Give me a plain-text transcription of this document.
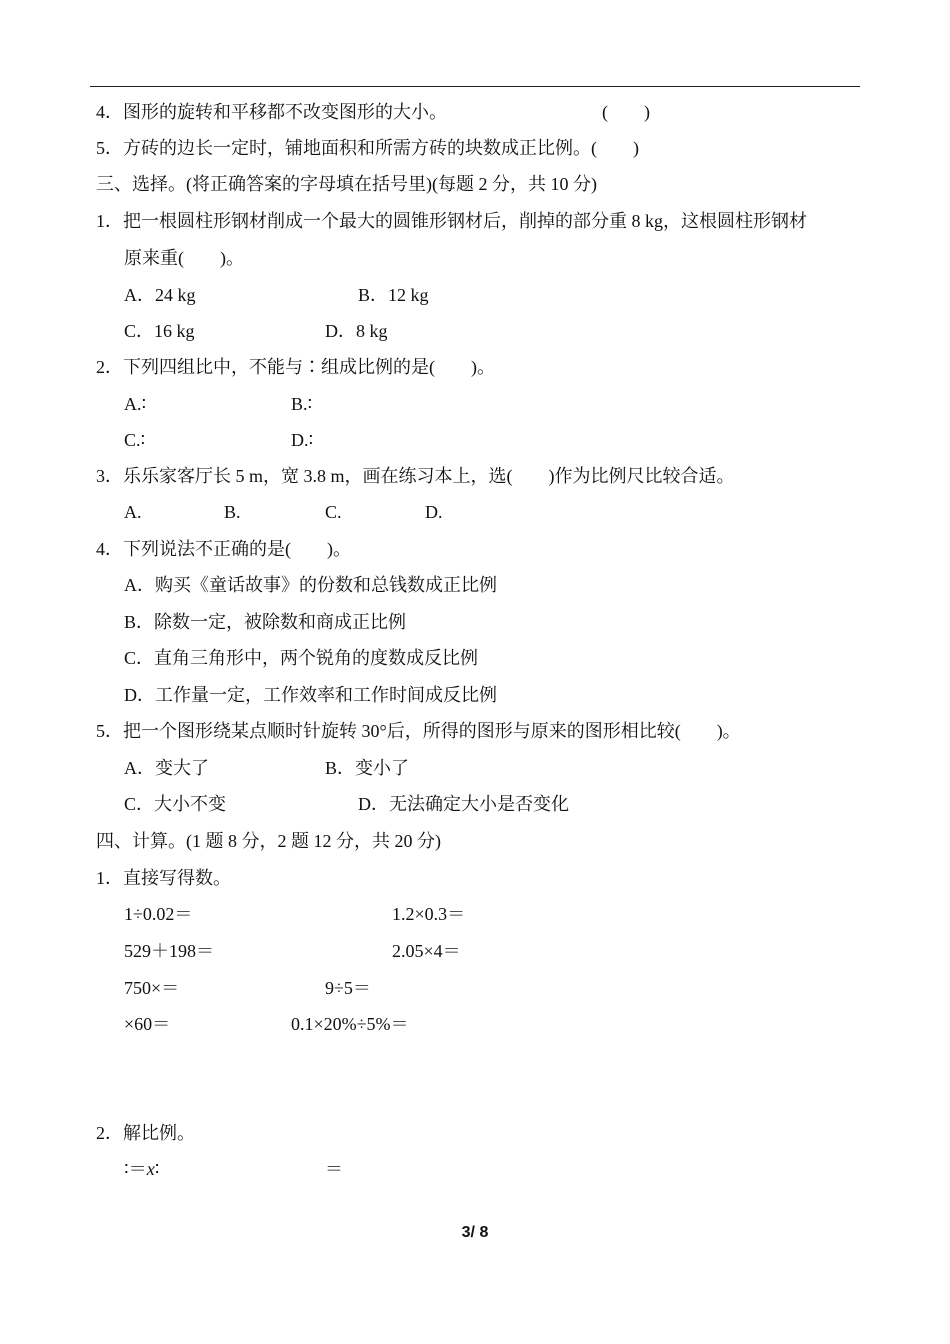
4．图形的旋转和平移都不改变图形的大小。	(　　)
5．方砖的边长一定时，铺地面积和所需方砖的块数成正比例。(　　)
三、选择。(将正确答案的字母填在括号里)(每题 2 分，共 10 分)
1．把一根圆柱形钢材削成一个最大的圆锥形钢材后，削掉的部分重 8 kg，这根圆柱形钢材
原来重(　　)。
A．24 kg	B．12 kg
C．16 kg	D．8 kg
2．下列四组比中，不能与∶组成比例的是(　　)。
A.∶	B.∶
C.∶	D.∶
3．乐乐家客厅长 5 m，宽 3.8 m，画在练习本上，选(　　)作为比例尺比较合适。
A.	B.	C.	D.
4．下列说法不正确的是(　　)。
A．购买《童话故事》的份数和总钱数成正比例
B．除数一定，被除数和商成正比例
C．直角三角形中，两个锐角的度数成反比例
D．工作量一定，工作效率和工作时间成反比例
5．把一个图形绕某点顺时针旋转 30°后，所得的图形与原来的图形相比较(　　)。
A．变大了	B．变小了
C．大小不变	D．无法确定大小是否变化
四、计算。(1 题 8 分，2 题 12 分，共 20 分)
1．直接写得数。
1÷0.02＝	1.2×0.3＝
529＋198＝	2.05×4＝
750×＝	9÷5＝
×60＝	0.1×20%÷5%＝
2．解比例。
∶＝x∶	＝
3/ 8
